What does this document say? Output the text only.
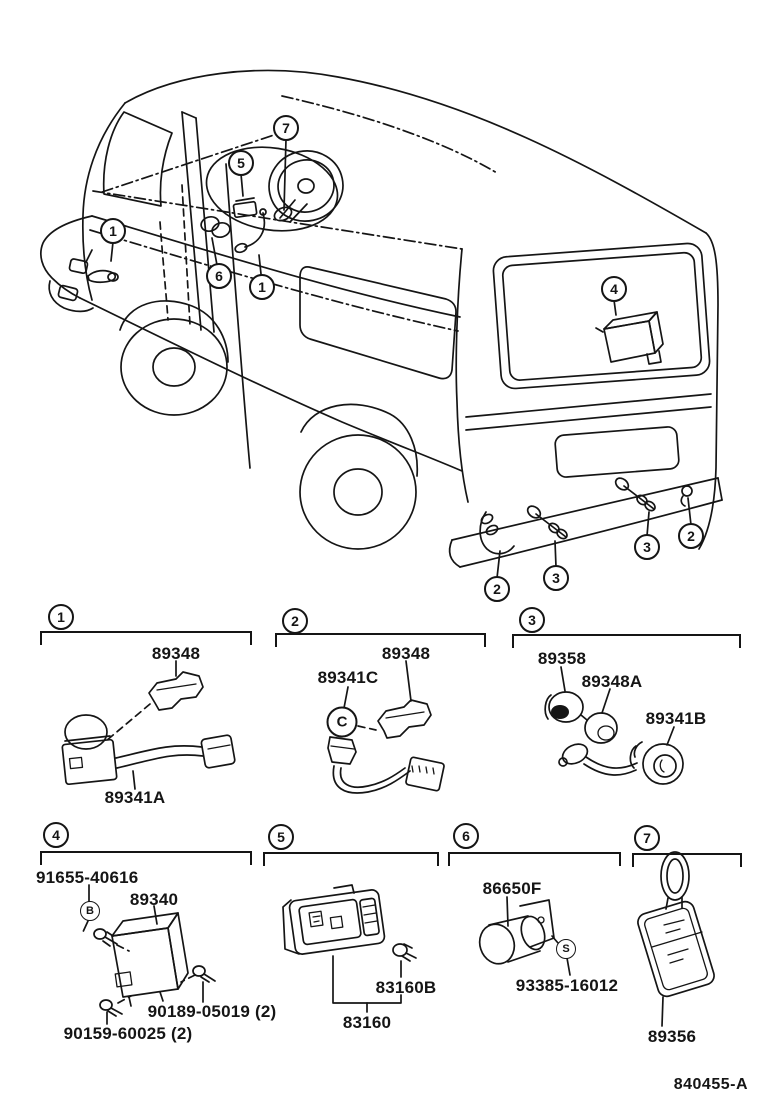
1
5
7
6
1	4
2
3
3
2
1	2	3
4	5	6	7
89348
89341A
89341C
89348	89358
89348A
89341B
91655-40616
89340
90189-05019 (2)
90159-60025 (2)
83160B
83160
86650F
93385-16012
89356
C
B
S
840455-A
